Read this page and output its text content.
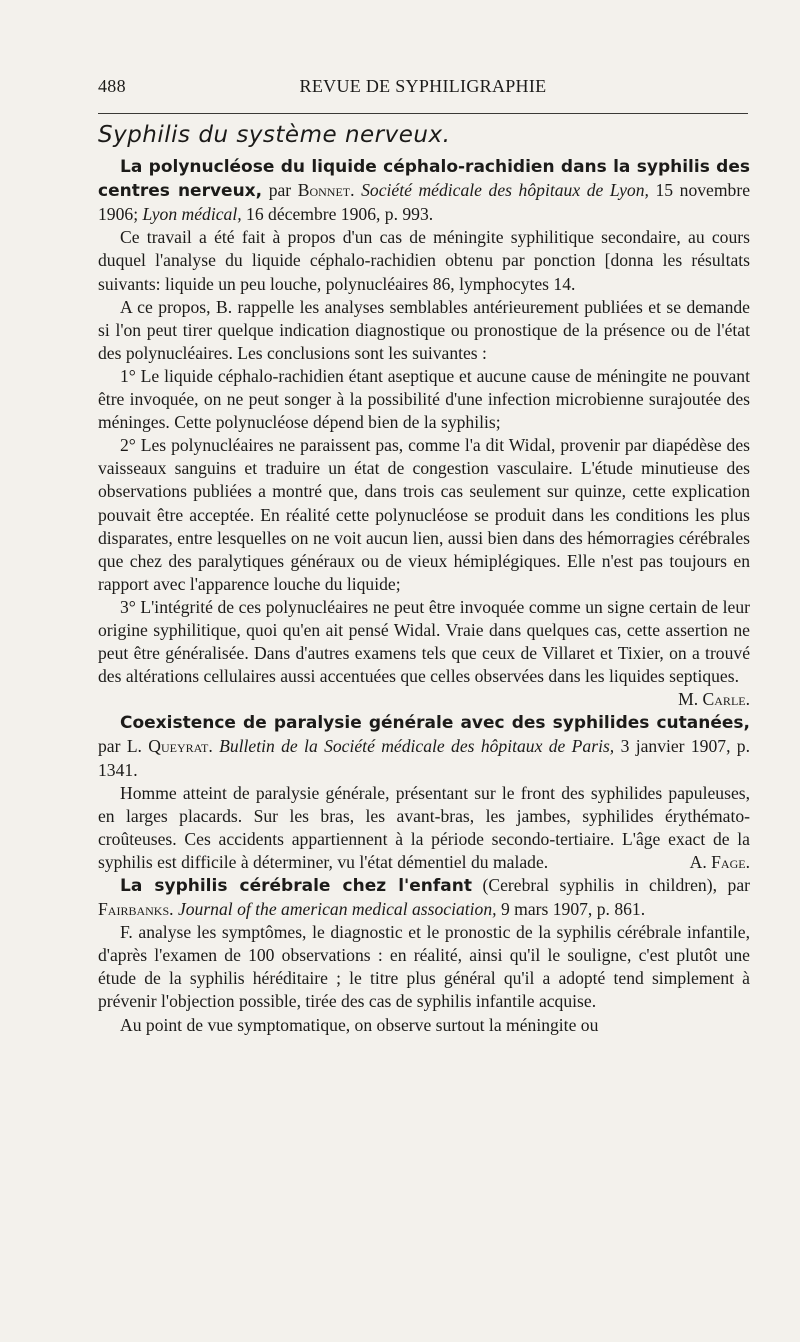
488	REVUE DE SYPHILIGRAPHIE
Syphilis du système nerveux.

La polynucléose du liquide céphalo-rachidien dans la syphilis des centres nerveux, par Bonnet. Société médicale des hôpitaux de Lyon, 15 novembre 1906; Lyon médical, 16 décembre 1906, p. 993.

Ce travail a été fait à propos d'un cas de méningite syphilitique secondaire, au cours duquel l'analyse du liquide céphalo-rachidien obtenu par ponction [donna les résultats suivants: liquide un peu louche, polynucléaires 86, lymphocytes 14.

A ce propos, B. rappelle les analyses semblables antérieurement publiées et se demande si l'on peut tirer quelque indication diagnostique ou pronostique de la présence ou de l'état des polynucléaires. Les conclusions sont les suivantes :

1° Le liquide céphalo-rachidien étant aseptique et aucune cause de méningite ne pouvant être invoquée, on ne peut songer à la possibilité d'une infection microbienne surajoutée des méninges. Cette polynucléose dépend bien de la syphilis;

2° Les polynucléaires ne paraissent pas, comme l'a dit Widal, provenir par diapédèse des vaisseaux sanguins et traduire un état de congestion vasculaire. L'étude minutieuse des observations publiées a montré que, dans trois cas seulement sur quinze, cette explication pouvait être acceptée. En réalité cette polynucléose se produit dans les conditions les plus disparates, entre lesquelles on ne voit aucun lien, aussi bien dans des hémorragies cérébrales que chez des paralytiques généraux ou de vieux hémiplégiques. Elle n'est pas toujours en rapport avec l'apparence louche du liquide;

3° L'intégrité de ces polynucléaires ne peut être invoquée comme un signe certain de leur origine syphilitique, quoi qu'en ait pensé Widal. Vraie dans quelques cas, cette assertion ne peut être généralisée. Dans d'autres examens tels que ceux de Villaret et Tixier, on a trouvé des altérations cellulaires aussi accentuées que celles observées dans les liquides septiques.
M. Carle.

Coexistence de paralysie générale avec des syphilides cutanées, par L. Queyrat. Bulletin de la Société médicale des hôpitaux de Paris, 3 janvier 1907, p. 1341.

Homme atteint de paralysie générale, présentant sur le front des syphilides papuleuses, en larges placards. Sur les bras, les avant-bras, les jambes, syphilides érythémato-croûteuses. Ces accidents appartiennent à la période secondo-tertiaire. L'âge exact de la syphilis est difficile à déterminer, vu l'état démentiel du malade.	A. Fage.

La syphilis cérébrale chez l'enfant (Cerebral syphilis in children), par Fairbanks. Journal of the american medical association, 9 mars 1907, p. 861.

F. analyse les symptômes, le diagnostic et le pronostic de la syphilis cérébrale infantile, d'après l'examen de 100 observations : en réalité, ainsi qu'il le souligne, c'est plutôt une étude de la syphilis héréditaire ; le titre plus général qu'il a adopté tend simplement à prévenir l'objection possible, tirée des cas de syphilis infantile acquise.

Au point de vue symptomatique, on observe surtout la méningite ou
